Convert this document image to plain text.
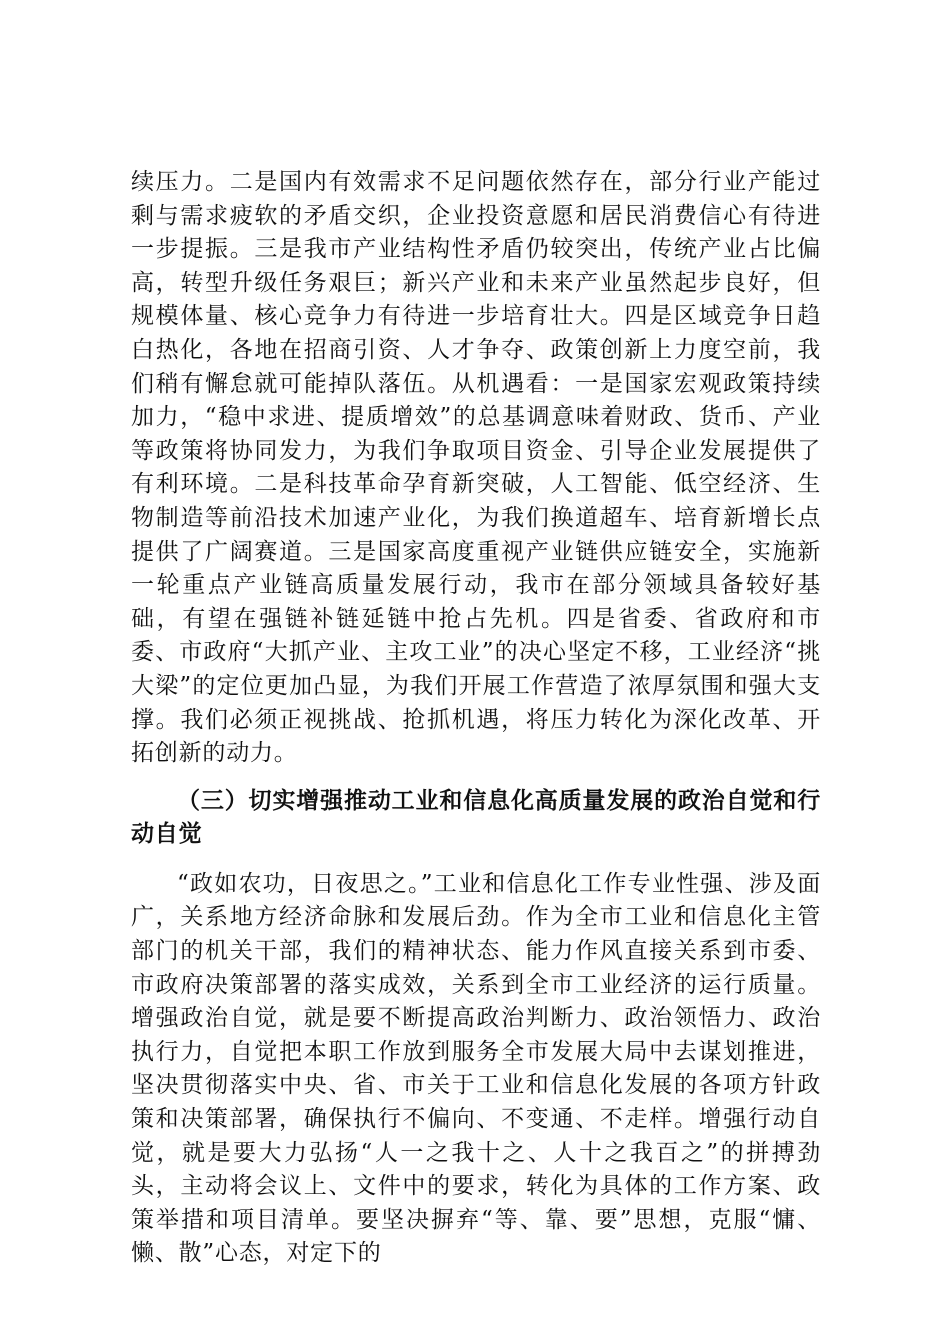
续压力。二是国内有效需求不足问题依然存在，部分行业产能过剩与需求疲软的矛盾交织，企业投资意愿和居民消费信心有待进一步提振。三是我市产业结构性矛盾仍较突出，传统产业占比偏高，转型升级任务艰巨；新兴产业和未来产业虽然起步良好，但规模体量、核心竞争力有待进一步培育壮大。四是区域竞争日趋白热化，各地在招商引资、人才争夺、政策创新上力度空前，我们稍有懈怠就可能掉队落伍。从机遇看：一是国家宏观政策持续加力，“稳中求进、提质增效”的总基调意味着财政、货币、产业等政策将协同发力，为我们争取项目资金、引导企业发展提供了有利环境。二是科技革命孕育新突破，人工智能、低空经济、生物制造等前沿技术加速产业化，为我们换道超车、培育新增长点提供了广阔赛道。三是国家高度重视产业链供应链安全，实施新一轮重点产业链高质量发展行动，我市在部分领域具备较好基础，有望在强链补链延链中抢占先机。四是省委、省政府和市委、市政府“大抓产业、主攻工业”的决心坚定不移，工业经济“挑大梁”的定位更加凸显，为我们开展工作营造了浓厚氛围和强大支撑。我们必须正视挑战、抢抓机遇，将压力转化为深化改革、开拓创新的动力。

（三）切实增强推动工业和信息化高质量发展的政治自觉和行动自觉

“政如农功，日夜思之。”工业和信息化工作专业性强、涉及面广，关系地方经济命脉和发展后劲。作为全市工业和信息化主管部门的机关干部，我们的精神状态、能力作风直接关系到市委、市政府决策部署的落实成效，关系到全市工业经济的运行质量。增强政治自觉，就是要不断提高政治判断力、政治领悟力、政治执行力，自觉把本职工作放到服务全市发展大局中去谋划推进，坚决贯彻落实中央、省、市关于工业和信息化发展的各项方针政策和决策部署，确保执行不偏向、不变通、不走样。增强行动自觉，就是要大力弘扬“人一之我十之、人十之我百之”的拼搏劲头，主动将会议上、文件中的要求，转化为具体的工作方案、政策举措和项目清单。要坚决摒弃“等、靠、要”思想，克服“慵、懒、散”心态，对定下的
